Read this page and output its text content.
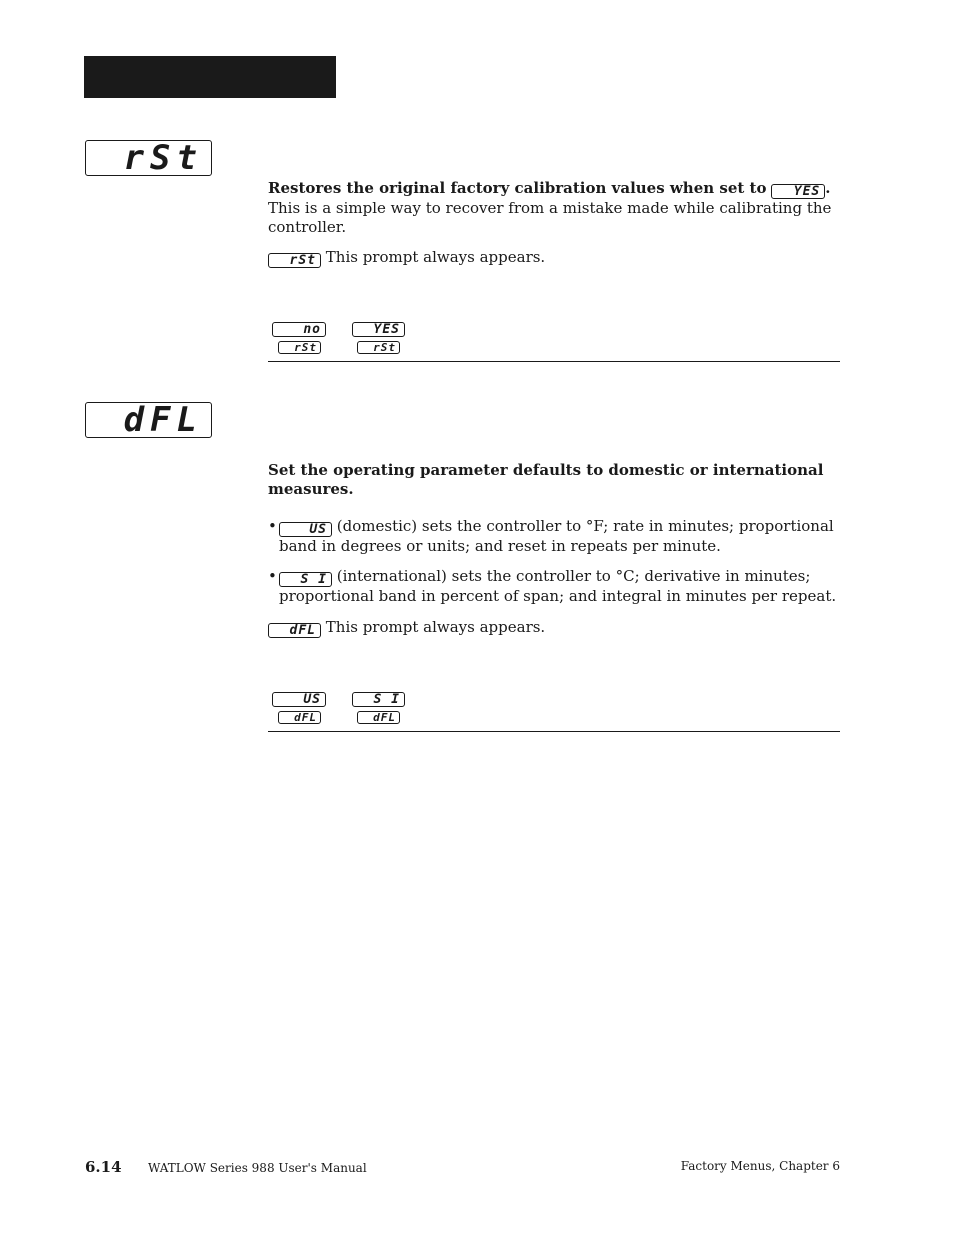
rSt
Restores the original factory calibration values when set to YES . This is a simple way to recover from a mistake made while calibrating the controller.
rSt This prompt always appears.
no
rSt
YES
rSt
dFL
Set the operating parameter defaults to domestic or international measures.
• US (domestic) sets the controller to °F; rate in minutes; proportional band in degrees or units; and reset in repeats per minute.
• S I (international) sets the controller to °C; derivative in minutes; proportional band in percent of span; and integral in minutes per repeat.
dFL This prompt always appears.
US
dFL
S I
dFL
6.14 WATLOW Series 988 User's Manual	Factory Menus, Chapter 6
